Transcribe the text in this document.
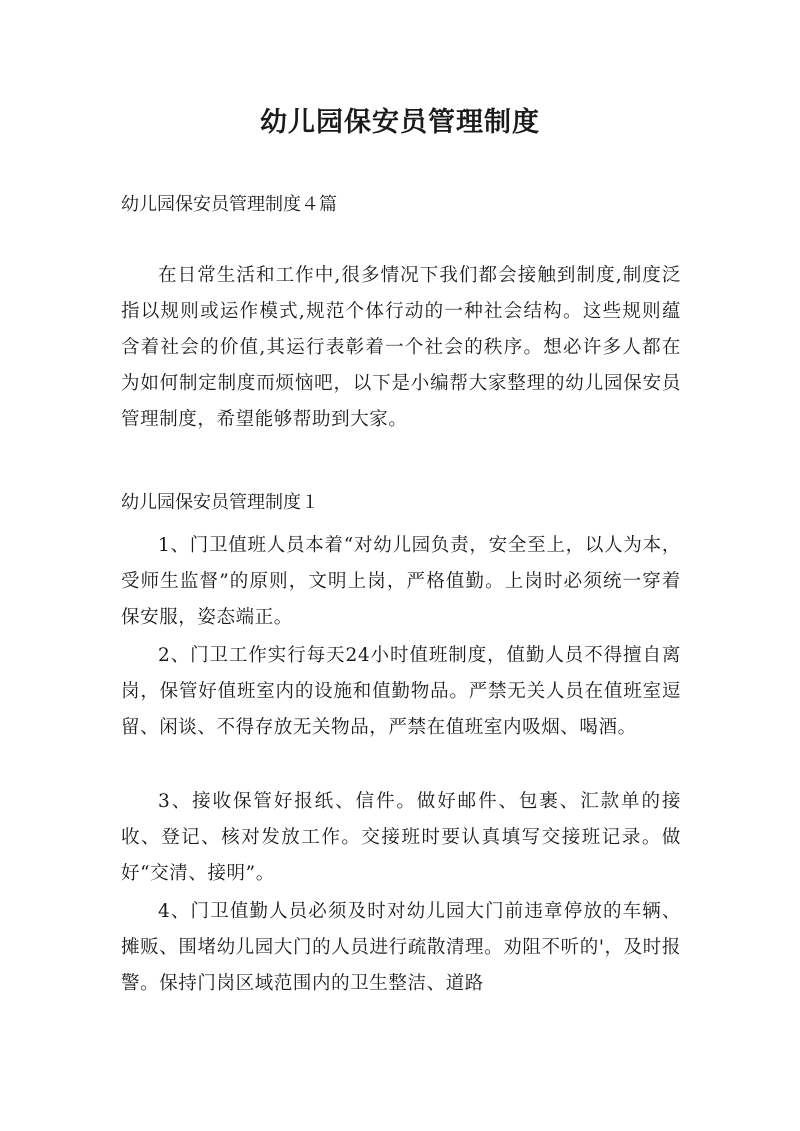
幼儿园保安员管理制度

幼儿园保安员管理制度４篇

在日常生活和工作中,很多情况下我们都会接触到制度,制度泛指以规则或运作模式,规范个体行动的一种社会结构。这些规则蕴含着社会的价值,其运行表彰着一个社会的秩序。想必许多人都在为如何制定制度而烦恼吧，以下是小编帮大家整理的幼儿园保安员管理制度，希望能够帮助到大家。

幼儿园保安员管理制度１

1、门卫值班人员本着“对幼儿园负责，安全至上，以人为本，受师生监督”的原则，文明上岗，严格值勤。上岗时必须统一穿着保安服，姿态端正。

2、门卫工作实行每天24小时值班制度，值勤人员不得擅自离岗，保管好值班室内的设施和值勤物品。严禁无关人员在值班室逗留、闲谈、不得存放无关物品，严禁在值班室内吸烟、喝酒。

3、接收保管好报纸、信件。做好邮件、包裹、汇款单的接收、登记、核对发放工作。交接班时要认真填写交接班记录。做好“交清、接明”。

4、门卫值勤人员必须及时对幼儿园大门前违章停放的车辆、摊贩、围堵幼儿园大门的人员进行疏散清理。劝阻不听的'，及时报警。保持门岗区域范围内的卫生整洁、道路
